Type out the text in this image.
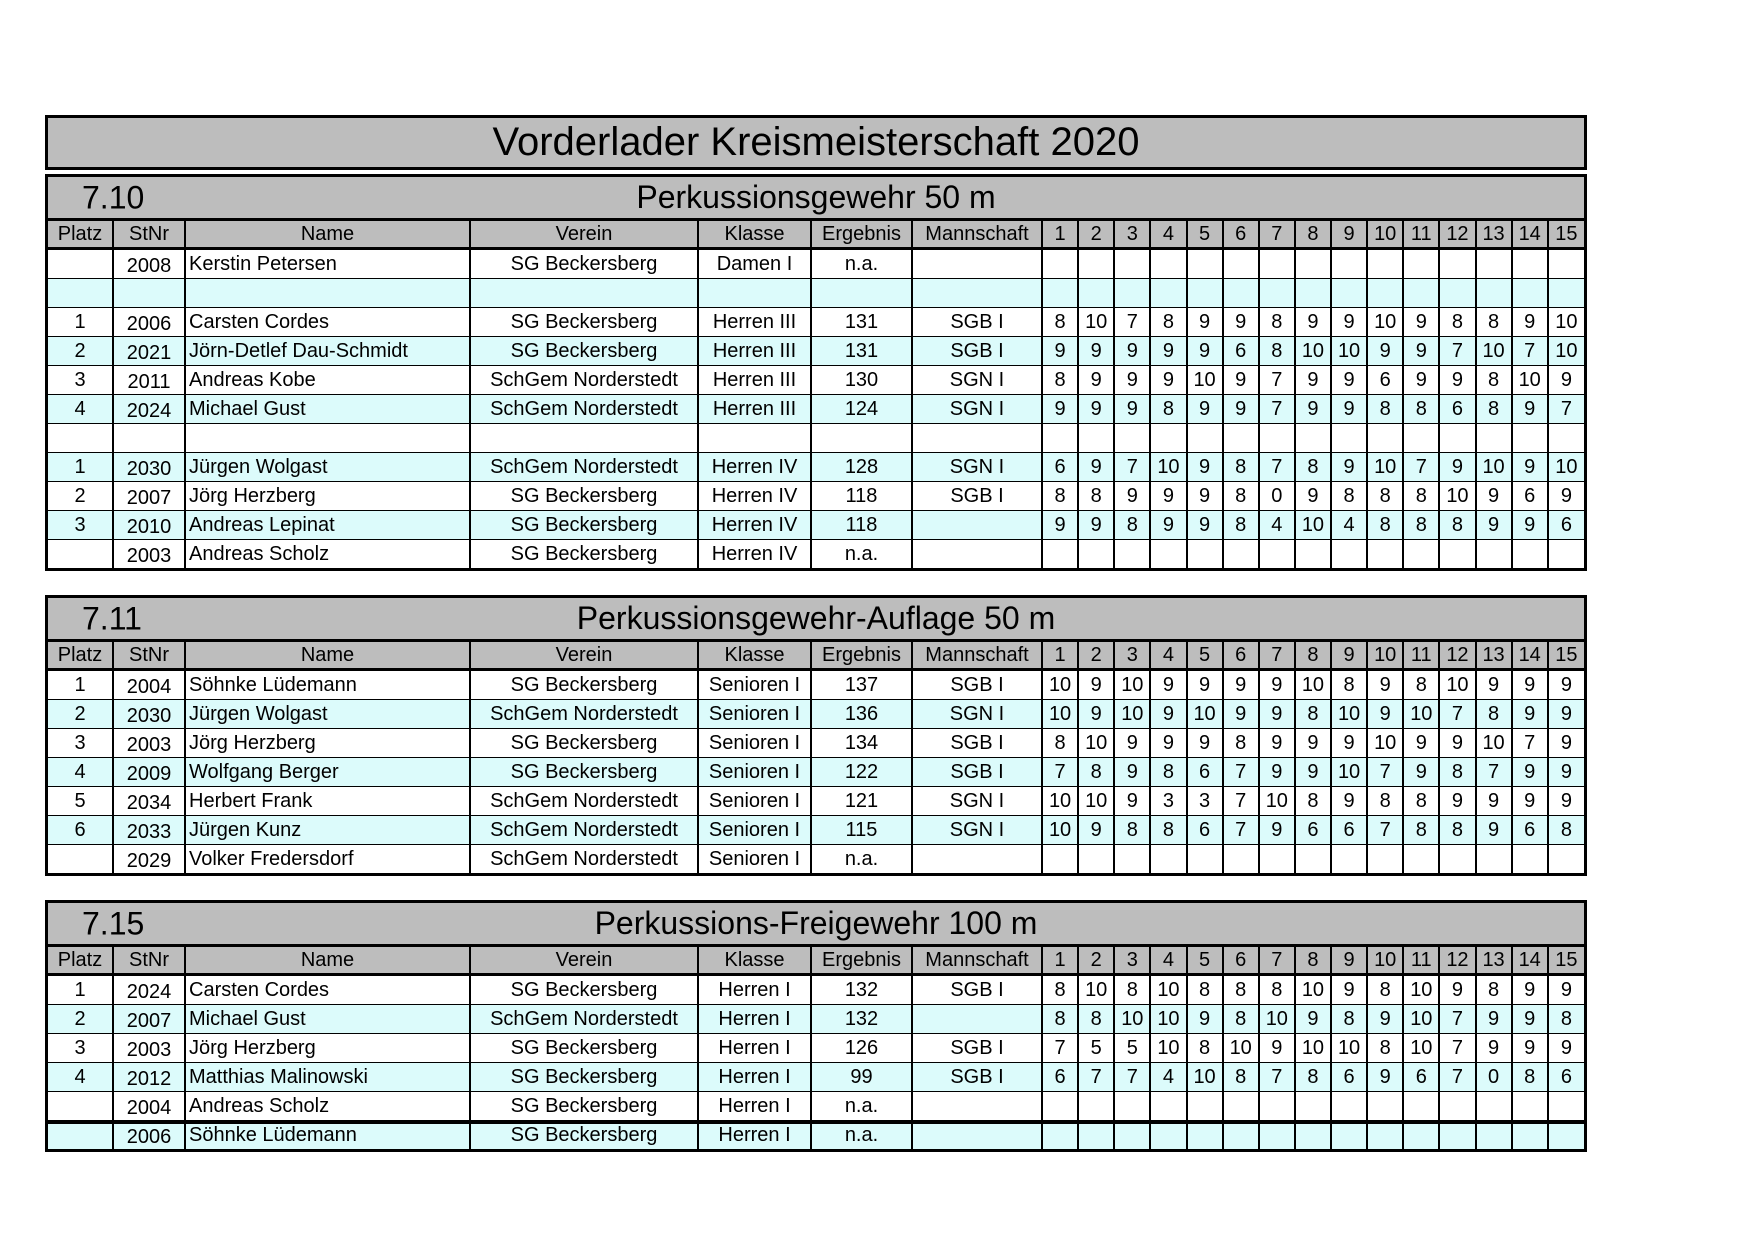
Vorderlader Kreismeisterschaft 2020
7.10	Perkussionsgewehr 50 m
Platz	StNr	Name	Verein	Klasse	Ergebnis	Mannschaft	1	2	3	4	5	6	7	8	9	10	11	12	13	14	15
	2008	Kerstin Petersen	SG Beckersberg	Damen I	n.a.																

1	2006	Carsten Cordes	SG Beckersberg	Herren III	131	SGB I	8	10	7	8	9	9	8	9	9	10	9	8	8	9	10
2	2021	Jörn-Detlef Dau-Schmidt	SG Beckersberg	Herren III	131	SGB I	9	9	9	9	9	6	8	10	10	9	9	7	10	7	10
3	2011	Andreas Kobe	SchGem Norderstedt	Herren III	130	SGN I	8	9	9	9	10	9	7	9	9	6	9	9	8	10	9
4	2024	Michael Gust	SchGem Norderstedt	Herren III	124	SGN I	9	9	9	8	9	9	7	9	9	8	8	6	8	9	7

1	2030	Jürgen Wolgast	SchGem Norderstedt	Herren IV	128	SGN I	6	9	7	10	9	8	7	8	9	10	7	9	10	9	10
2	2007	Jörg Herzberg	SG Beckersberg	Herren IV	118	SGB I	8	8	9	9	9	8	0	9	8	8	8	10	9	6	9
3	2010	Andreas Lepinat	SG Beckersberg	Herren IV	118		9	9	8	9	9	8	4	10	4	8	8	8	9	9	6
	2003	Andreas Scholz	SG Beckersberg	Herren IV	n.a.																
7.11	Perkussionsgewehr-Auflage 50 m
Platz	StNr	Name	Verein	Klasse	Ergebnis	Mannschaft	1	2	3	4	5	6	7	8	9	10	11	12	13	14	15
1	2004	Söhnke Lüdemann	SG Beckersberg	Senioren I	137	SGB I	10	9	10	9	9	9	9	10	8	9	8	10	9	9	9
2	2030	Jürgen Wolgast	SchGem Norderstedt	Senioren I	136	SGN I	10	9	10	9	10	9	9	8	10	9	10	7	8	9	9
3	2003	Jörg Herzberg	SG Beckersberg	Senioren I	134	SGB I	8	10	9	9	9	8	9	9	9	10	9	9	10	7	9
4	2009	Wolfgang Berger	SG Beckersberg	Senioren I	122	SGB I	7	8	9	8	6	7	9	9	10	7	9	8	7	9	9
5	2034	Herbert Frank	SchGem Norderstedt	Senioren I	121	SGN I	10	10	9	3	3	7	10	8	9	8	8	9	9	9	9
6	2033	Jürgen Kunz	SchGem Norderstedt	Senioren I	115	SGN I	10	9	8	8	6	7	9	6	6	7	8	8	9	6	8
	2029	Volker Fredersdorf	SchGem Norderstedt	Senioren I	n.a.																
7.15	Perkussions-Freigewehr 100 m
Platz	StNr	Name	Verein	Klasse	Ergebnis	Mannschaft	1	2	3	4	5	6	7	8	9	10	11	12	13	14	15
1	2024	Carsten Cordes	SG Beckersberg	Herren I	132	SGB I	8	10	8	10	8	8	8	10	9	8	10	9	8	9	9
2	2007	Michael Gust	SchGem Norderstedt	Herren I	132		8	8	10	10	9	8	10	9	8	9	10	7	9	9	8
3	2003	Jörg Herzberg	SG Beckersberg	Herren I	126	SGB I	7	5	5	10	8	10	9	10	10	8	10	7	9	9	9
4	2012	Matthias Malinowski	SG Beckersberg	Herren I	99	SGB I	6	7	7	4	10	8	7	8	6	9	6	7	0	8	6
	2004	Andreas Scholz	SG Beckersberg	Herren I	n.a.																
	2006	Söhnke Lüdemann	SG Beckersberg	Herren I	n.a.																
